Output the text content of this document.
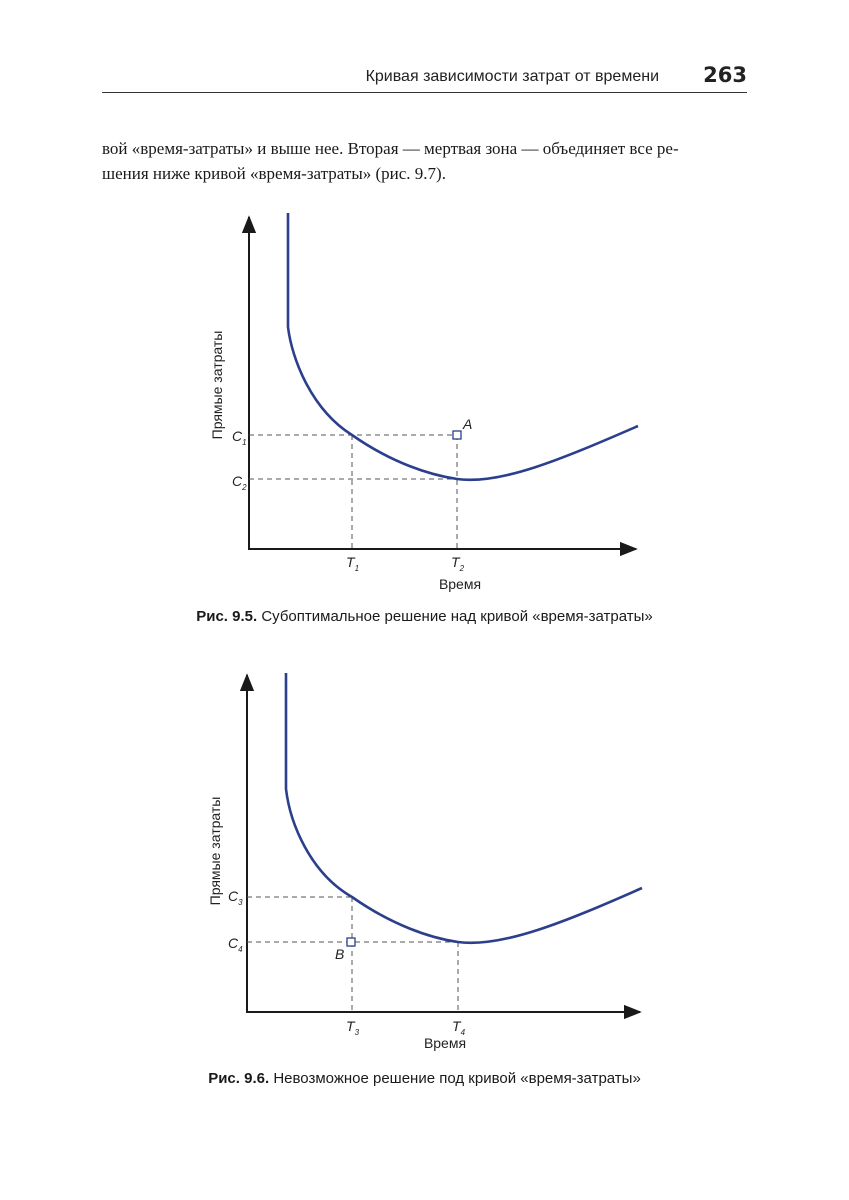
Кривая зависимости затрат от времени 263

вой «время-затраты» и выше нее. Вторая — мертвая зона — объединяет все ре-

шения ниже кривой «время-затраты» (рис. 9.7).

A
Прямые затраты $C_1$
$C_2$
$T_1$	$T_2$
Время
Рис. 9.5. Субоптимальное решение над кривой «время-затраты»
B
Прямые затраты $C_3$
$C_4$
$T_3$	$T_4$
Время
Рис. 9.6. Невозможное решение под кривой «время-затраты»
